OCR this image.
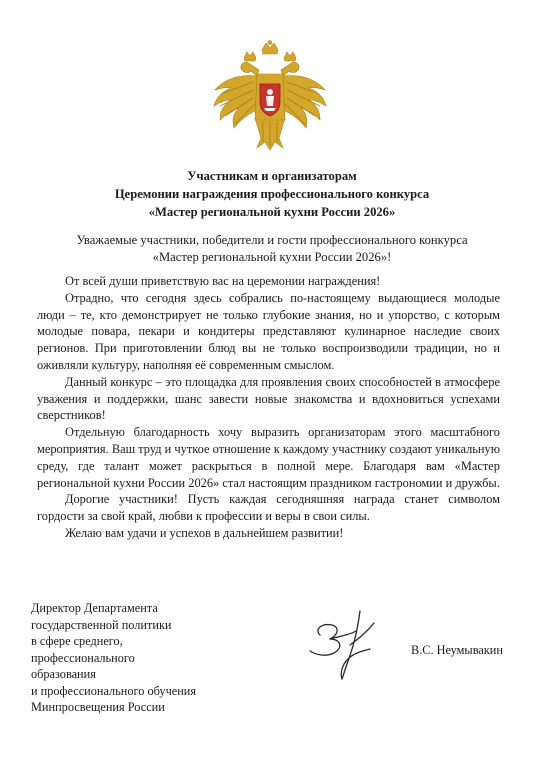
Участникам и организаторам
Церемонии награждения профессионального конкурса
«Мастер региональной кухни России 2026»
Уважаемые участники, победители и гости профессионального конкурса
«Мастер региональной кухни России 2026»!

От всей души приветствую вас на церемонии награждения!

Отрадно, что сегодня здесь собрались по-настоящему выдающиеся молодые люди – те, кто демонстрирует не только глубокие знания, но и упорство, с которым молодые повара, пекари и кондитеры представляют кулинарное наследие своих регионов. При приготовлении блюд вы не только воспроизводили традиции, но и оживляли культуру, наполняя её современным смыслом.

Данный конкурс – это площадка для проявления своих способностей в атмосфере уважения и поддержки, шанс завести новые знакомства и вдохновиться успехами сверстников!

Отдельную благодарность хочу выразить организаторам этого масштабного мероприятия. Ваш труд и чуткое отношение к каждому участнику создают уникальную среду, где талант может раскрыться в полной мере. Благодаря вам «Мастер региональной кухни России 2026» стал настоящим праздником гастрономии и дружбы.

Дорогие участники! Пусть каждая сегодняшняя награда станет символом гордости за свой край, любви к профессии и веры в свои силы.

Желаю вам удачи и успехов в дальнейшем развитии!

Директор Департамента
государственной политики
в сфере среднего,
профессионального
образования
и профессионального обучения
Минпросвещения России
В.С. Неумывакин
